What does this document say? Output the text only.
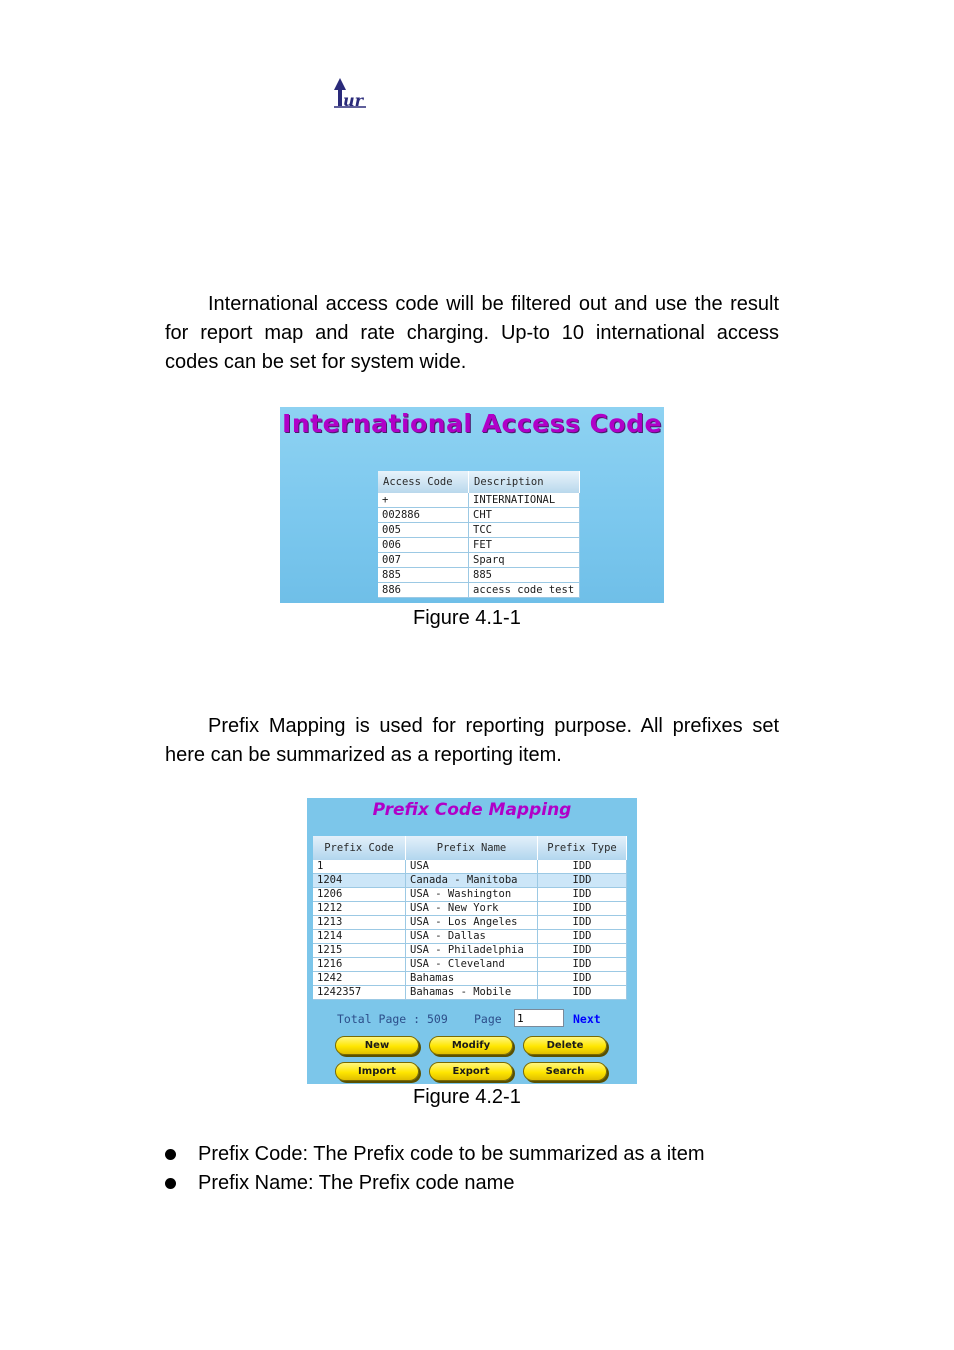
ur

International access code will be filtered out and use the result for report map and rate charging. Up-to 10 international access codes can be set for system wide.

International Access Code
Access Code	Description
+	INTERNATIONAL
002886	CHT
005	TCC
006	FET
007	Sparq
885	885
886	access code test
Figure 4.1-1

Prefix Mapping is used for reporting purpose. All prefixes set here can be summarized as a reporting item.

Prefix Code Mapping
Prefix Code	Prefix Name	Prefix Type
1	USA	IDD
1204	Canada - Manitoba	IDD
1206	USA - Washington	IDD
1212	USA - New York	IDD
1213	USA - Los Angeles	IDD
1214	USA - Dallas	IDD
1215	USA - Philadelphia	IDD
1216	USA - Cleveland	IDD
1242	Bahamas	IDD
1242357	Bahamas - Mobile	IDD
Total Page : 509 Page
1	Next
New	Modify	Delete
Import	Export	Search
Figure 4.2-1
Prefix Code: The Prefix code to be summarized as a item
Prefix Name: The Prefix code name
